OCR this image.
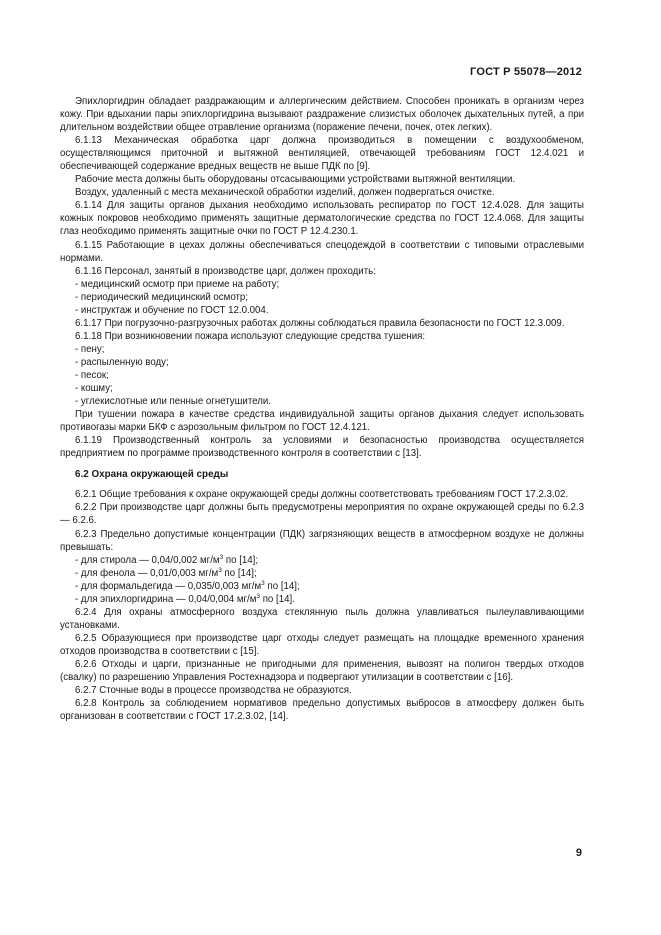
ГОСТ Р 55078—2012

Эпихлоргидрин обладает раздражающим и аллергическим действием. Способен проникать в организм через кожу. При вдыхании пары эпихлоргидрина вызывают раздражение слизистых оболочек дыхательных путей, а при длительном воздействии общее отравление организма (поражение печени, почек, отек легких).

6.1.13 Механическая обработка царг должна производиться в помещении с воздухообменом, осуществляющимся приточной и вытяжной вентиляцией, отвечающей требованиям ГОСТ 12.4.021 и обеспечивающей содержание вредных веществ не выше ПДК по [9].

Рабочие места должны быть оборудованы отсасывающими устройствами вытяжной вентиляции.

Воздух, удаленный с места механической обработки изделий, должен подвергаться очистке.

6.1.14 Для защиты органов дыхания необходимо использовать респиратор по ГОСТ 12.4.028. Для защиты кожных покровов необходимо применять защитные дерматологические средства по ГОСТ 12.4.068. Для защиты глаз необходимо применять защитные очки по ГОСТ Р 12.4.230.1.

6.1.15 Работающие в цехах должны обеспечиваться спецодеждой в соответствии с типовыми отраслевыми нормами.

6.1.16 Персонал, занятый в производстве царг, должен проходить:

- медицинский осмотр при приеме на работу;

- периодический медицинский осмотр;

- инструктаж и обучение по ГОСТ 12.0.004.

6.1.17 При погрузочно-разгрузочных работах должны соблюдаться правила безопасности по ГОСТ 12.3.009.

6.1.18 При возникновении пожара используют следующие средства тушения:

- пену;

- распыленную воду;

- песок;

- кошму;

- углекислотные или пенные огнетушители.

При тушении пожара в качестве средства индивидуальной защиты органов дыхания следует использовать противогазы марки БКФ с аэрозольным фильтром по ГОСТ 12.4.121.

6.1.19 Производственный контроль за условиями и безопасностью производства осуществляется предприятием по программе производственного контроля в соответствии с [13].

6.2 Охрана окружающей среды

6.2.1 Общие требования к охране окружающей среды должны соответствовать требованиям ГОСТ 17.2.3.02.

6.2.2 При производстве царг должны быть предусмотрены мероприятия по охране окружающей среды по 6.2.3 — 6.2.6.

6.2.3 Предельно допустимые концентрации (ПДК) загрязняющих веществ в атмосферном воздухе не должны превышать:

- для стирола — 0,04/0,002 $мг/м^3$ по [14];

- для фенола — 0,01/0,003 $мг/м^3$ по [14];

- для формальдегида — 0,035/0,003 $мг/м^3$ по [14];

- для эпихлоргидрина — 0,04/0,004 $мг/м^3$ по [14].

6.2.4 Для охраны атмосферного воздуха стеклянную пыль должна улавливаться пылеулавливающими установками.

6.2.5 Образующиеся при производстве царг отходы следует размещать на площадке временного хранения отходов производства в соответствии с [15].

6.2.6 Отходы и царги, признанные не пригодными для применения, вывозят на полигон твердых отходов (свалку) по разрешению Управления Ростехнадзора и подвергают утилизации в соответствии с [16].

6.2.7 Сточные воды в процессе производства не образуются.

6.2.8 Контроль за соблюдением нормативов предельно допустимых выбросов в атмосферу должен быть организован в соответствии с ГОСТ 17.2.3.02, [14].

9
